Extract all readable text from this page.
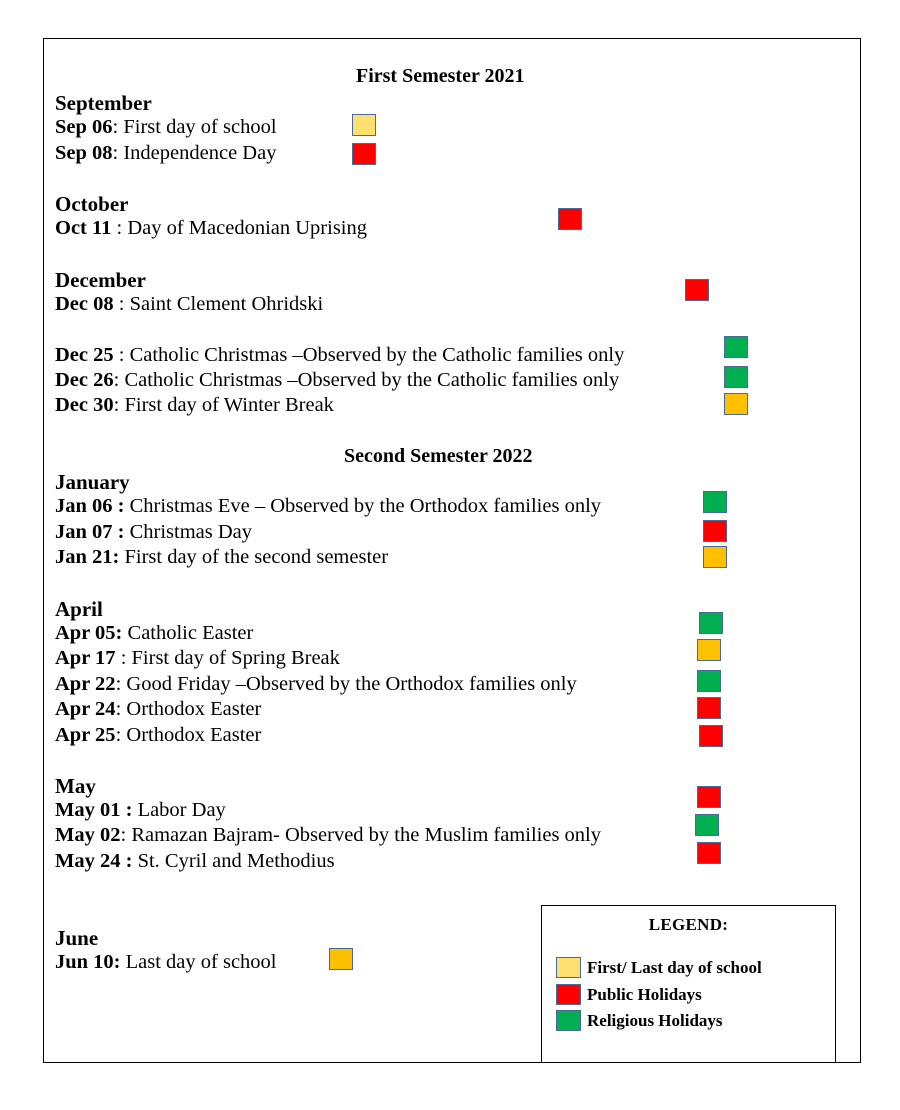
First Semester 2021
Second Semester 2022
September
October
December
January
April
May
June
Sep 06: First day of school
Sep 08: Independence Day
Oct 11 : Day of Macedonian Uprising
Dec 08 : Saint Clement Ohridski
Dec 25 : Catholic Christmas –Observed by the Catholic families only
Dec 26: Catholic Christmas –Observed by the Catholic families only
Dec 30: First day of Winter Break
Jan 06 : Christmas Eve – Observed by the Orthodox families only
Jan 07 : Christmas Day
Jan 21: First day of the second semester
Apr 05: Catholic Easter
Apr 17 : First day of Spring Break
Apr 22: Good Friday –Observed by the Orthodox families only
Apr 24: Orthodox Easter
Apr 25: Orthodox Easter
May 01 : Labor Day
May 02: Ramazan Bajram- Observed by the Muslim families only
May 24 : St. Cyril and Methodius
Jun 10: Last day of school
LEGEND:
First/ Last day of school
Public Holidays
Religious Holidays
